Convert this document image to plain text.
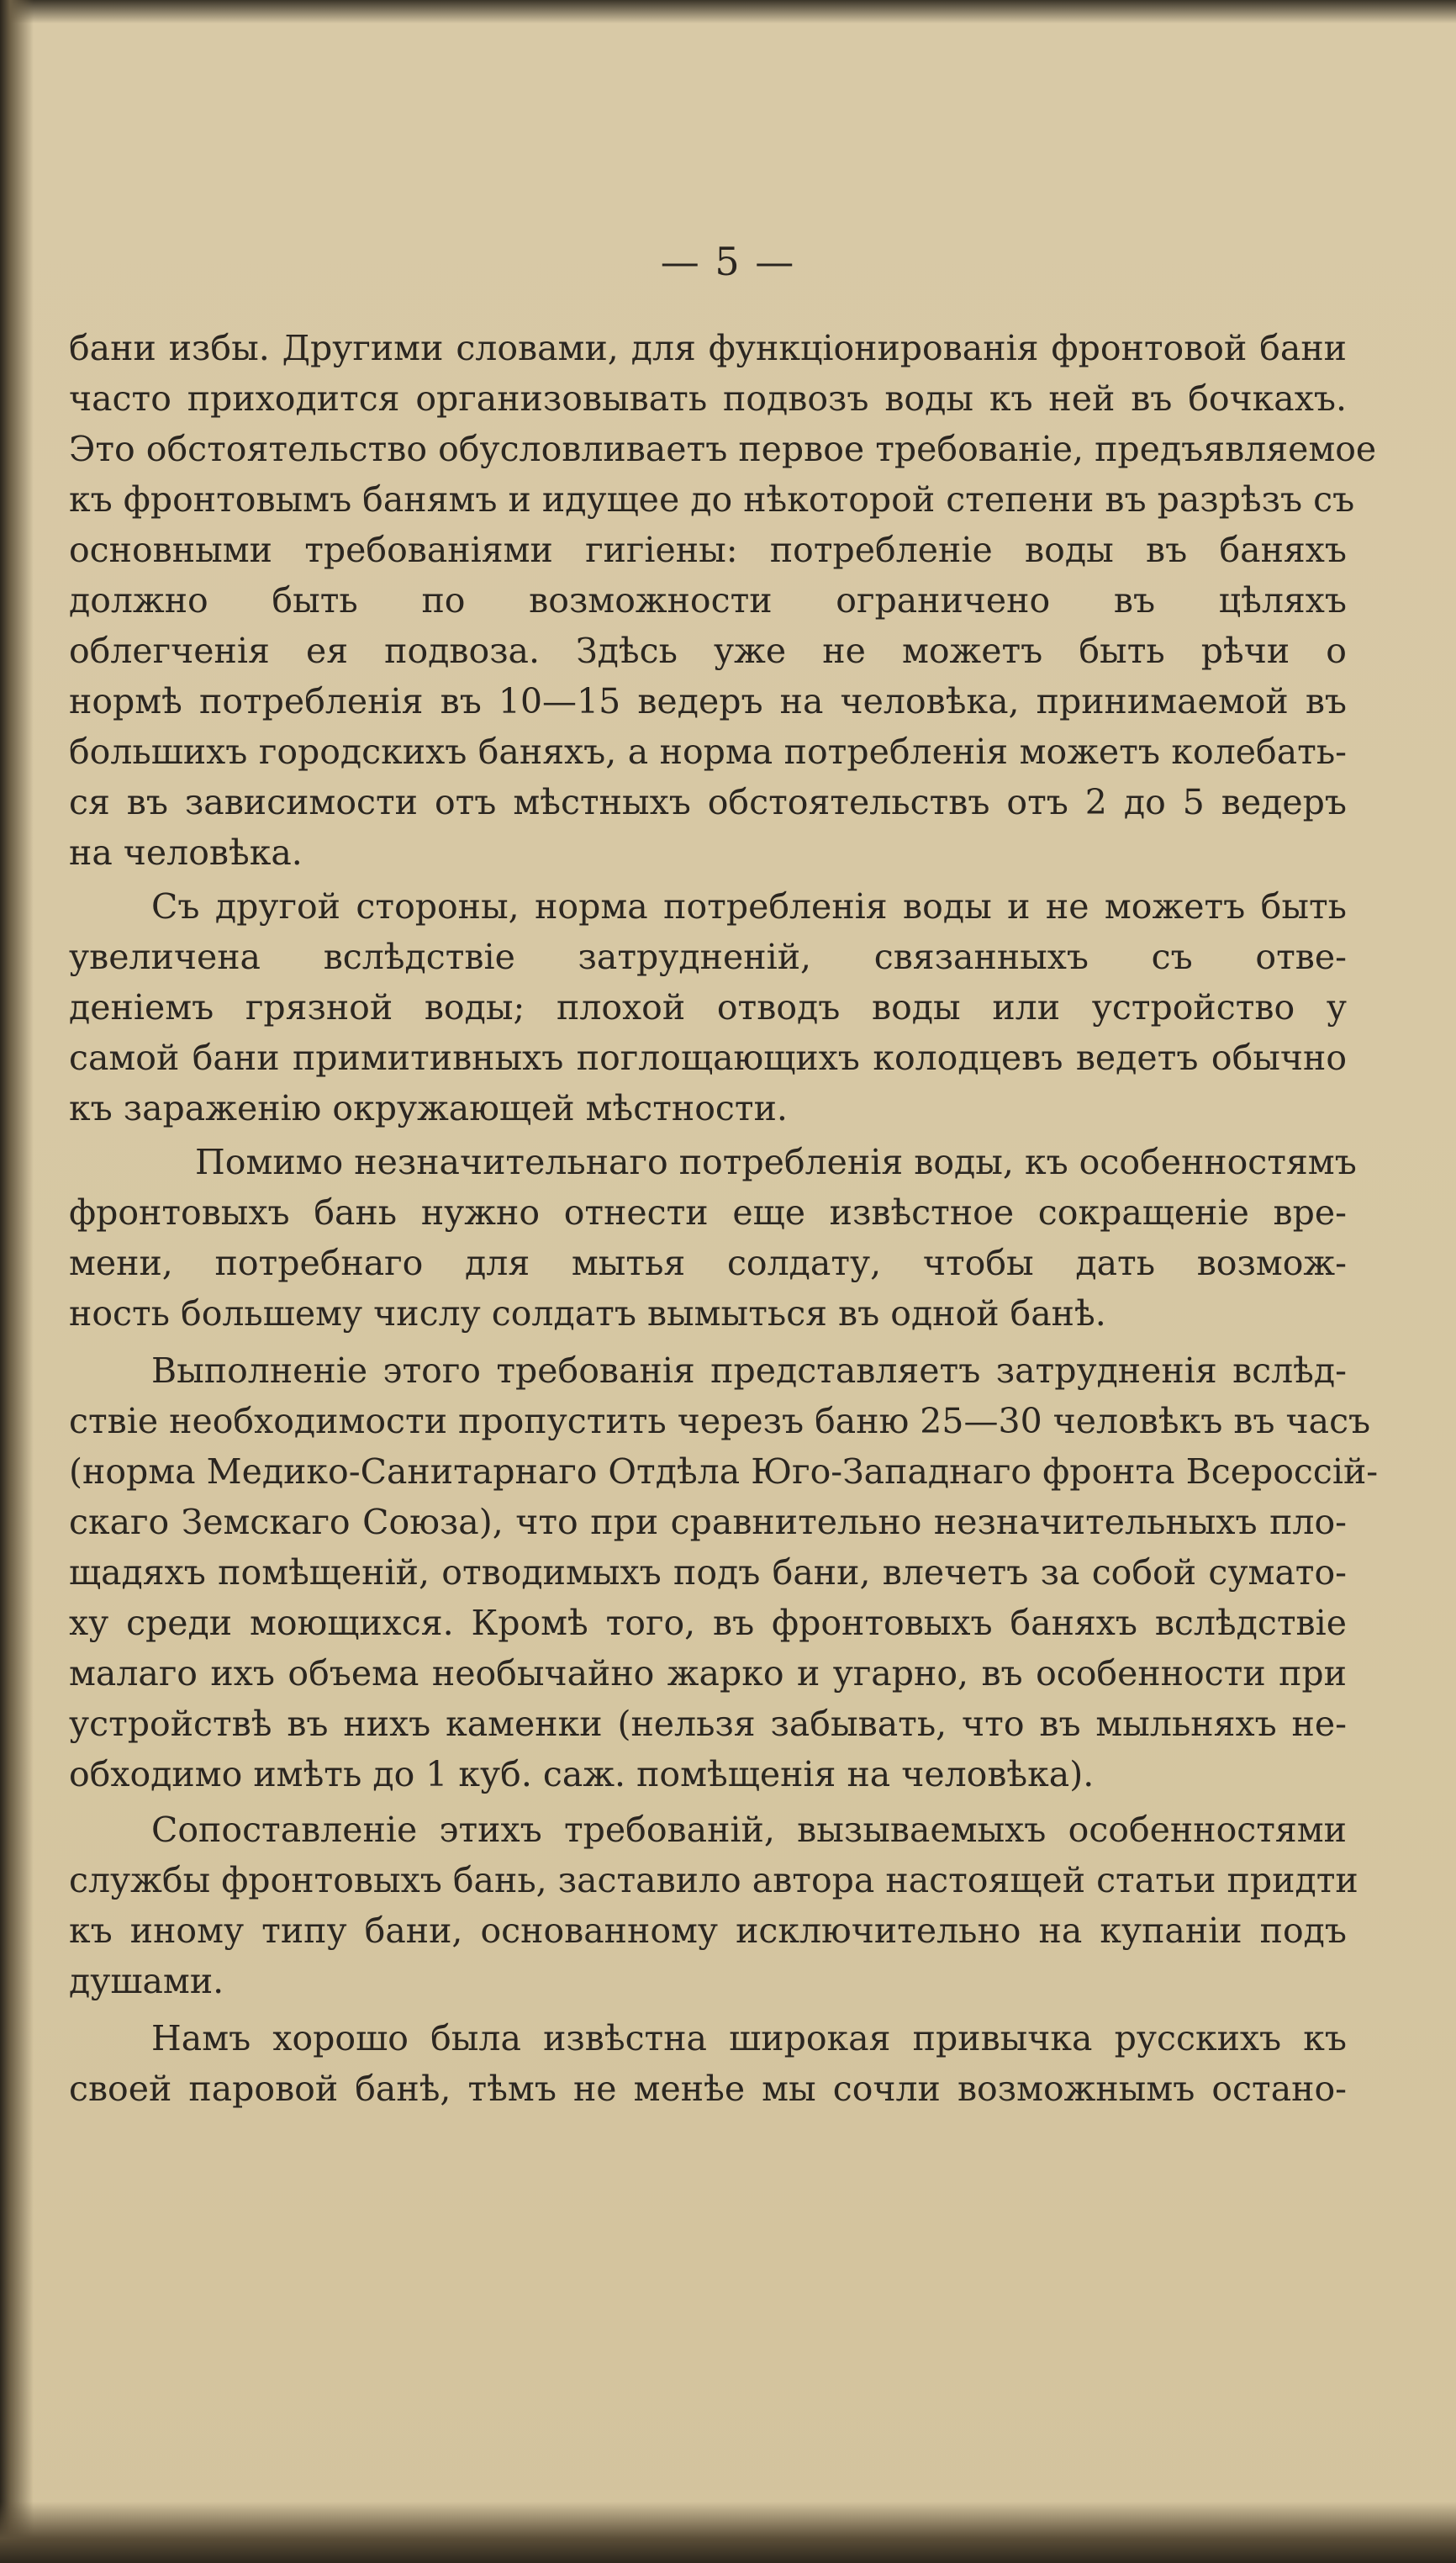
— 5 —
бани избы. Другими словами, для функціонированія фронтовой бани
часто приходится организовывать подвозъ воды къ ней въ бочкахъ.
Это обстоятельство обусловливаетъ первое требованіе, предъявляемое
къ фронтовымъ банямъ и идущее до нѣкоторой степени въ разрѣзъ съ
основными требованіями гигіены: потребленіе воды въ баняхъ
должно быть по возможности ограничено въ цѣляхъ
облегченія ея подвоза. Здѣсь уже не можетъ быть рѣчи о
нормѣ потребленія въ 10—15 ведеръ на человѣка, принимаемой въ
большихъ городскихъ баняхъ, а норма потребленія можетъ колебать-
ся въ зависимости отъ мѣстныхъ обстоятельствъ отъ 2 до 5 ведеръ
на человѣка.
Съ другой стороны, норма потребленія воды и не можетъ быть
увеличена вслѣдствіе затрудненій, связанныхъ съ отве-
деніемъ грязной воды; плохой отводъ воды или устройство у
самой бани примитивныхъ поглощающихъ колодцевъ ведетъ обычно
къ зараженію окружающей мѣстности.
Помимо незначительнаго потребленія воды, къ особенностямъ
фронтовыхъ бань нужно отнести еще извѣстное сокращеніе вре-
мени, потребнаго для мытья солдату, чтобы дать возмож-
ность большему числу солдатъ вымыться въ одной банѣ.
Выполненіе этого требованія представляетъ затрудненія вслѣд-
ствіе необходимости пропустить черезъ баню 25—30 человѣкъ въ часъ
(норма Медико-Санитарнаго Отдѣла Юго-Западнаго фронта Всероссій-
скаго Земскаго Союза), что при сравнительно незначительныхъ пло-
щадяхъ помѣщеній, отводимыхъ подъ бани, влечетъ за собой сумато-
ху среди моющихся. Кромѣ того, въ фронтовыхъ баняхъ вслѣдствіе
малаго ихъ объема необычайно жарко и угарно, въ особенности при
устройствѣ въ нихъ каменки (нельзя забывать, что въ мыльняхъ не-
обходимо имѣть до 1 куб. саж. помѣщенія на человѣка).
Сопоставленіе этихъ требованій, вызываемыхъ особенностями
службы фронтовыхъ бань, заставило автора настоящей статьи придти
къ иному типу бани, основанному исключительно на купаніи подъ
душами.
Намъ хорошо была извѣстна широкая привычка русскихъ къ
своей паровой банѣ, тѣмъ не менѣе мы сочли возможнымъ остано-
